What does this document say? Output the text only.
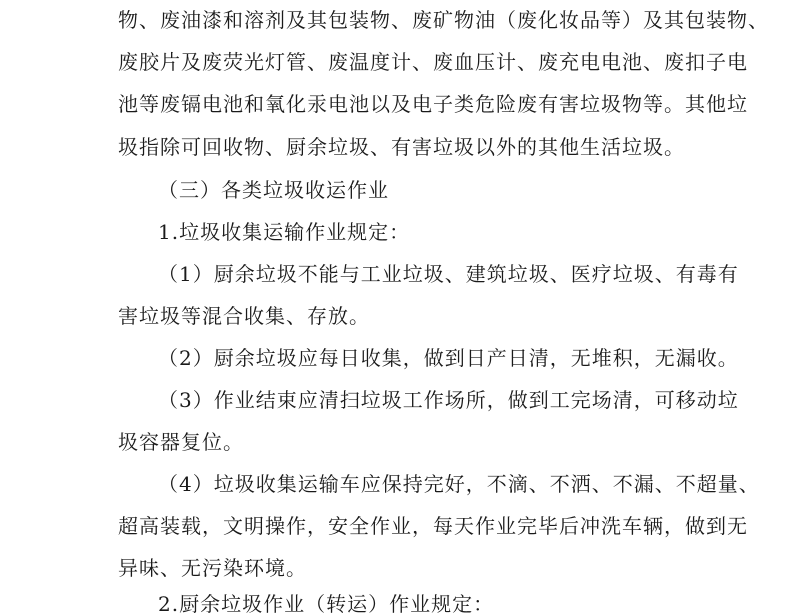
物、废油漆和溶剂及其包装物、废矿物油（废化妆品等）及其包装物、
废胶片及废荧光灯管、废温度计、废血压计、废充电电池、废扣子电
池等废镉电池和氧化汞电池以及电子类危险废有害垃圾物等。其他垃
圾指除可回收物、厨余垃圾、有害垃圾以外的其他生活垃圾。
（三）各类垃圾收运作业
1.垃圾收集运输作业规定：
（1）厨余垃圾不能与工业垃圾、建筑垃圾、医疗垃圾、有毒有
害垃圾等混合收集、存放。
（2）厨余垃圾应每日收集，做到日产日清，无堆积，无漏收。
（3）作业结束应清扫垃圾工作场所，做到工完场清，可移动垃
圾容器复位。
（4）垃圾收集运输车应保持完好，不滴、不洒、不漏、不超量、
超高装载，文明操作，安全作业，每天作业完毕后冲洗车辆，做到无
异味、无污染环境。
2.厨余垃圾作业（转运）作业规定：
